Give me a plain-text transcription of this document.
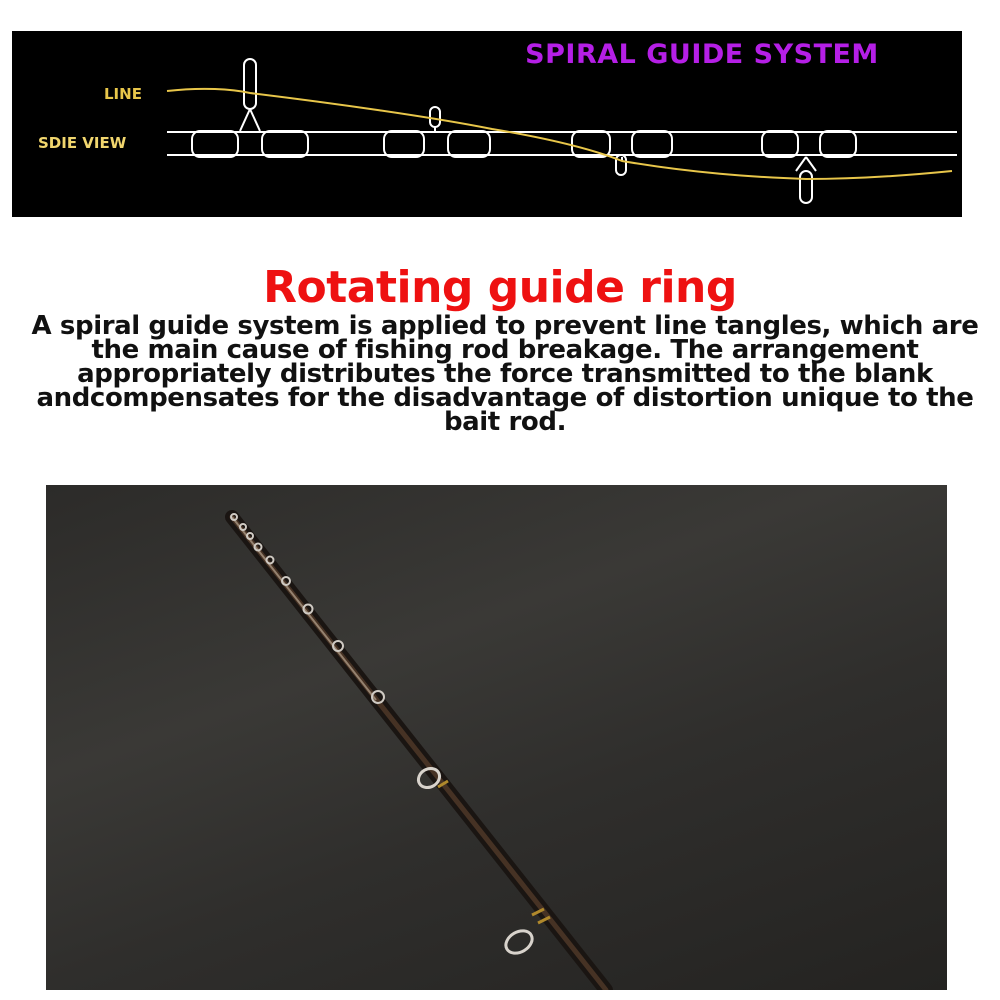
SPIRAL GUIDE SYSTEM
LINE
SDIE VIEW
Rotating guide ring
A spiral guide system is applied to prevent line tangles, which are the main cause of fishing rod breakage. The arrangement appropriately distributes the force transmitted to the blank andcompensates for the disadvantage of distortion unique to the bait rod.
